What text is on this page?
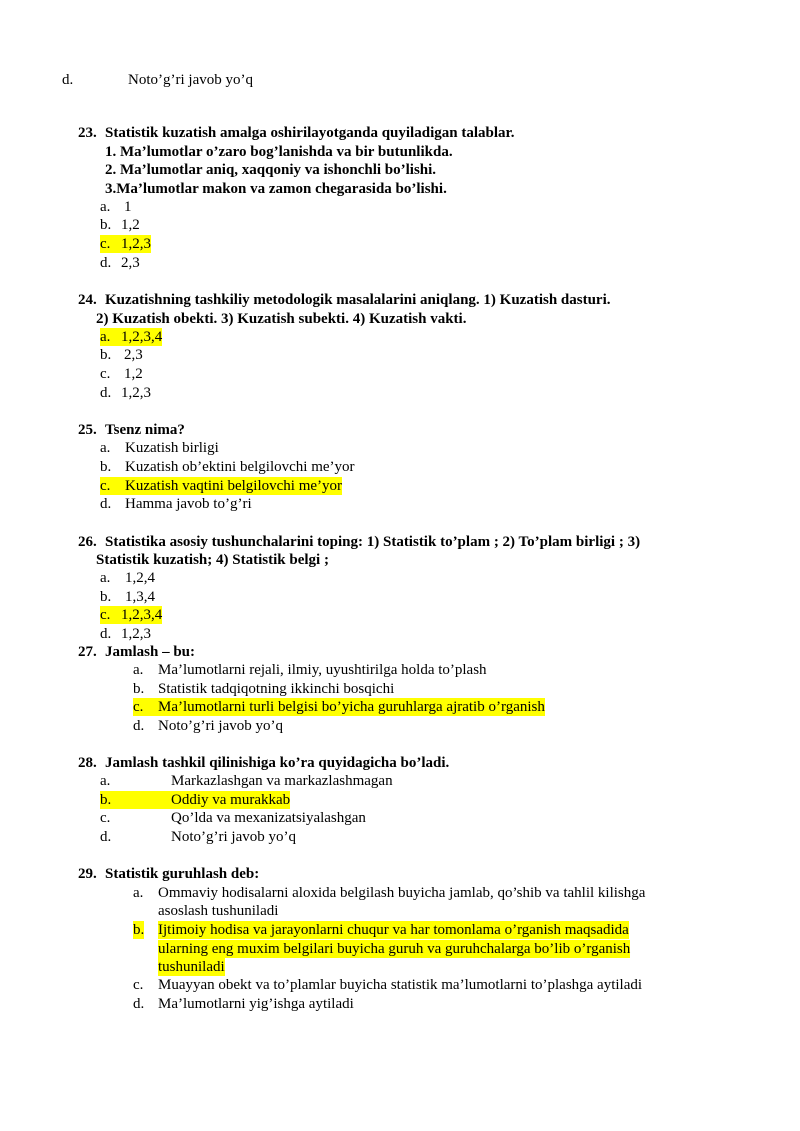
d.	Noto’g’ri javob yo’q
23. Statistik kuzatish amalga oshirilayotganda quyiladigan talablar.
1. Ma’lumotlar o’zaro bog’lanishda va bir butunlikda.
2. Ma’lumotlar aniq, xaqqoniy va ishonchli bo’lishi.
3.Ma’lumotlar makon va zamon chegarasida bo’lishi.
a. 1
b. 1,2
c. 1,2,3
d. 2,3
24. Kuzatishning tashkiliy metodologik masalalarini aniqlang. 1) Kuzatish dasturi.
2) Kuzatish obekti. 3) Kuzatish subekti. 4) Kuzatish vakti.
a. 1,2,3,4
b. 2,3
c. 1,2
d. 1,2,3
25. Tsenz nima?
a. Kuzatish birligi
b. Kuzatish ob’ektini belgilovchi me’yor
c. Kuzatish vaqtini belgilovchi me’yor
d. Hamma javob to’g’ri
26. Statistika asosiy tushunchalarini toping: 1) Statistik to’plam ; 2) To’plam birligi ; 3)
Statistik kuzatish; 4) Statistik belgi ;
a. 1,2,4
b. 1,3,4
c. 1,2,3,4
d. 1,2,3
27. Jamlash – bu:
a. Ma’lumotlarni rejali, ilmiy, uyushtirilga holda to’plash
b. Statistik tadqiqotning ikkinchi bosqichi
c. Ma’lumotlarni turli belgisi bo’yicha guruhlarga ajratib o’rganish
d. Noto’g’ri javob yo’q
28. Jamlash tashkil qilinishiga ko’ra quyidagicha bo’ladi.
a.	Markazlashgan va markazlashmagan
b.	Oddiy va murakkab
c.	Qo’lda va mexanizatsiyalashgan
d.	Noto’g’ri javob yo’q
29. Statistik guruhlash deb:
a. Ommaviy hodisalarni aloxida belgilash buyicha jamlab, qo’shib va tahlil kilishga
asoslash tushuniladi
b. Ijtimoiy hodisa va jarayonlarni chuqur va har tomonlama o’rganish maqsadida
ularning eng muxim belgilari buyicha guruh va guruhchalarga bo’lib o’rganish
tushuniladi
c. Muayyan obekt va to’plamlar buyicha statistik ma’lumotlarni to’plashga aytiladi
d. Ma’lumotlarni yig’ishga aytiladi
